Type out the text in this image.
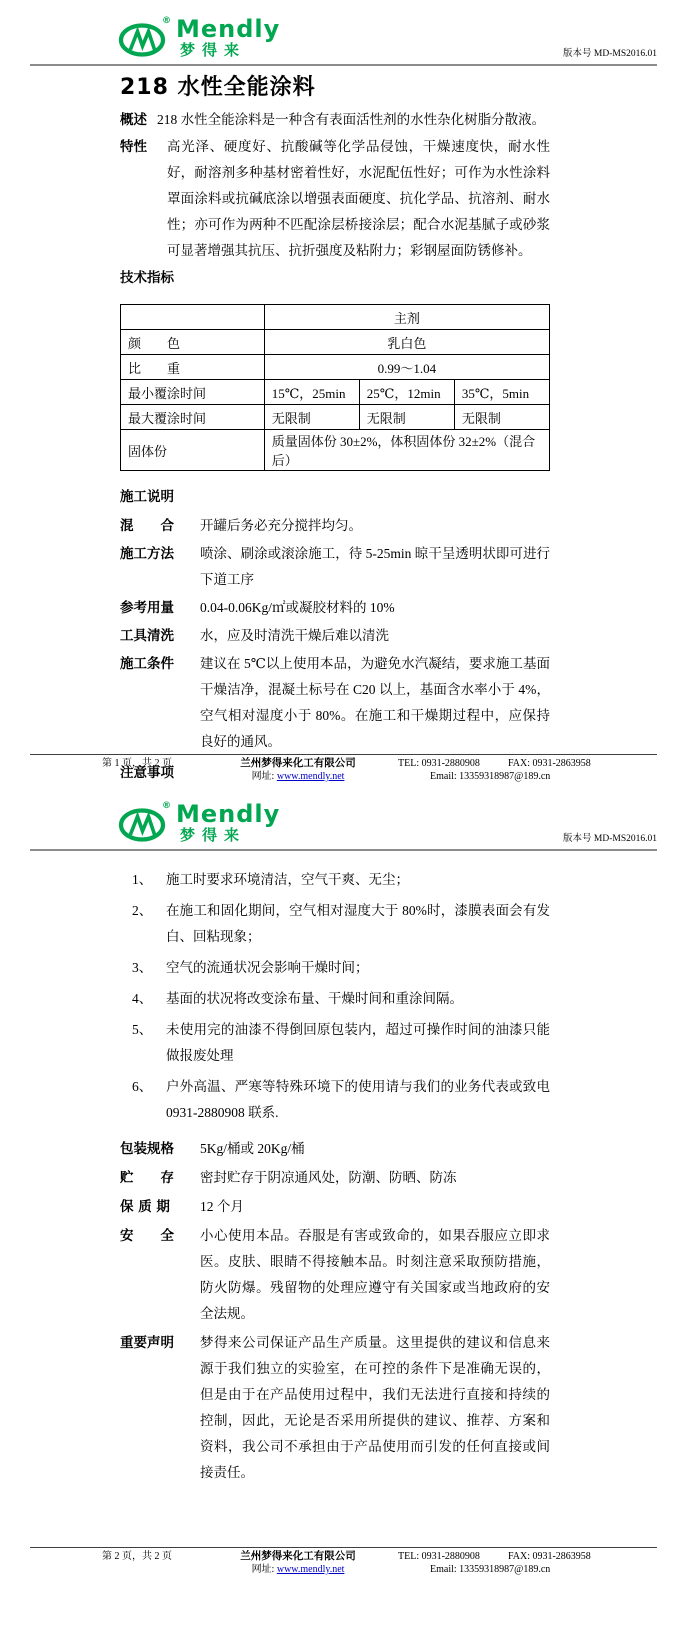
® Mendly
梦得来	版本号 MD-MS2016.01
218 水性全能涂料

概述 218 水性全能涂料是一种含有表面活性剂的水性杂化树脂分散液。

特性	高光泽、硬度好、抗酸碱等化学品侵蚀，干燥速度快，耐水性好，耐溶剂多种基材密着性好，水泥配伍性好；可作为水性涂料罩面涂料或抗碱底涂以增强表面硬度、抗化学品、抗溶剂、耐水性；亦可作为两种不匹配涂层桥接涂层；配合水泥基腻子或砂浆可显著增强其抗压、抗折强度及粘附力；彩钢屋面防锈修补。
技术指标
	主剂		
颜　　色	乳白色		
比　　重	0.99～1.04		
最小覆涂时间	15℃，25min	25℃，12min	35℃，5min
最大覆涂时间	无限制	无限制	无限制
固体份	质量固体份 30±2%，体积固体份 32±2%（混合后）		
施工说明
混　　合	开罐后务必充分搅拌均匀。
施工方法	喷涂、刷涂或滚涂施工，待 5-25min 晾干呈透明状即可进行下道工序
参考用量	0.04-0.06Kg/㎡或凝胶材料的 10%
工具清洗	水，应及时清洗干燥后难以清洗
施工条件	建议在 5℃以上使用本品，为避免水汽凝结，要求施工基面干燥洁净，混凝土标号在 C20 以上，基面含水率小于 4%，空气相对湿度小于 80%。在施工和干燥期过程中，应保持良好的通风。
注意事项
第 1 页，共 2 页	兰州梦得来化工有限公司	TEL: 0931-2880908	FAX: 0931-2863958
网址: www.mendly.net	Email: 13359318987@189.cn
® Mendly
梦得来	版本号 MD-MS2016.01
1、	施工时要求环境清洁，空气干爽、无尘；
2、	在施工和固化期间，空气相对湿度大于 80%时，漆膜表面会有发白、回粘现象；
3、	空气的流通状况会影响干燥时间；
4、	基面的状况将改变涂布量、干燥时间和重涂间隔。
5、	未使用完的油漆不得倒回原包装内，超过可操作时间的油漆只能做报废处理
6、	户外高温、严寒等特殊环境下的使用请与我们的业务代表或致电 0931-2880908 联系.
包装规格	5Kg/桶或 20Kg/桶
贮　　存	密封贮存于阴凉通风处，防潮、防晒、防冻
保 质 期	12 个月
安　　全	小心使用本品。吞服是有害或致命的，如果吞服应立即求医。皮肤、眼睛不得接触本品。时刻注意采取预防措施，防火防爆。残留物的处理应遵守有关国家或当地政府的安全法规。
重要声明	梦得来公司保证产品生产质量。这里提供的建议和信息来源于我们独立的实验室，在可控的条件下是准确无误的，但是由于在产品使用过程中，我们无法进行直接和持续的控制，因此，无论是否采用所提供的建议、推荐、方案和资料，我公司不承担由于产品使用而引发的任何直接或间接责任。
第 2 页，共 2 页	兰州梦得来化工有限公司	TEL: 0931-2880908	FAX: 0931-2863958
网址: www.mendly.net	Email: 13359318987@189.cn
